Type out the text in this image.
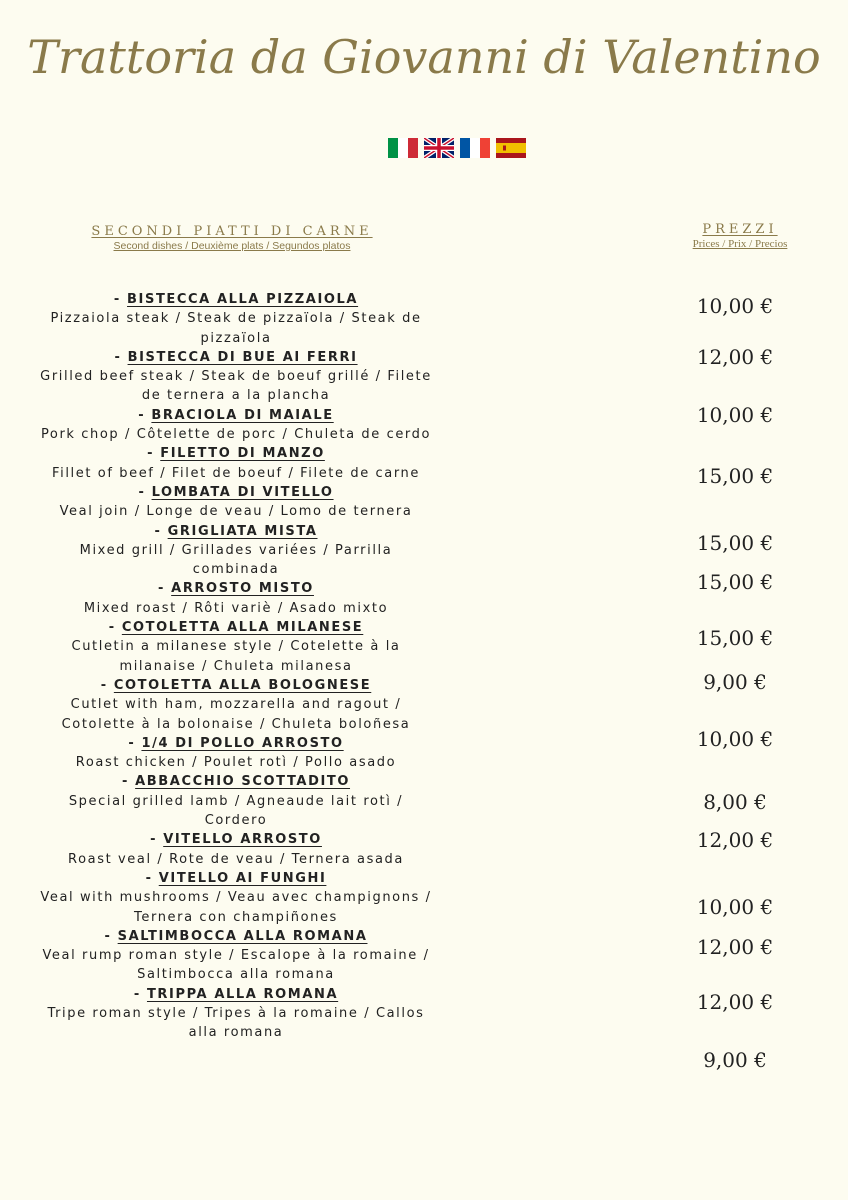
Trattoria da Giovanni di Valentino
SECONDI PIATTI DI CARNE
Second dishes / Deuxième plats / Segundos platos
PREZZI
Prices / Prix / Precios
- BISTECCA ALLA PIZZAIOLA
Pizzaiola steak / Steak de pizzaïola / Steak de pizzaïola
- BISTECCA DI BUE AI FERRI
Grilled beef steak / Steak de boeuf grillé / Filete de ternera a la plancha
- BRACIOLA DI MAIALE
Pork chop / Côtelette de porc / Chuleta de cerdo
- FILETTO DI MANZO
Fillet of beef / Filet de boeuf / Filete de carne
- LOMBATA DI VITELLO
Veal join / Longe de veau / Lomo de ternera
- GRIGLIATA MISTA
Mixed grill / Grillades variées / Parrilla combinada
- ARROSTO MISTO
Mixed roast / Rôti variè / Asado mixto
- COTOLETTA ALLA MILANESE
Cutletin a milanese style / Cotelette à la milanaise / Chuleta milanesa
- COTOLETTA ALLA BOLOGNESE
Cutlet with ham, mozzarella and ragout / Cotolette à la bolonaise / Chuleta boloñesa
- 1/4 DI POLLO ARROSTO
Roast chicken / Poulet rotì / Pollo asado
- ABBACCHIO SCOTTADITO
Special grilled lamb / Agneaude lait rotì / Cordero
- VITELLO ARROSTO
Roast veal / Rote de veau / Ternera asada
- VITELLO AI FUNGHI
Veal with mushrooms / Veau avec champignons / Ternera con champiñones
- SALTIMBOCCA ALLA ROMANA
Veal rump roman style / Escalope à la romaine / Saltimbocca alla romana
- TRIPPA ALLA ROMANA
Tripe roman style / Tripes à la romaine / Callos alla romana
10,00 €
12,00 €
10,00 €
15,00 €
15,00 €
15,00 €
15,00 €
9,00 €
10,00 €
8,00 €
12,00 €
10,00 €
12,00 €
12,00 €
9,00 €
